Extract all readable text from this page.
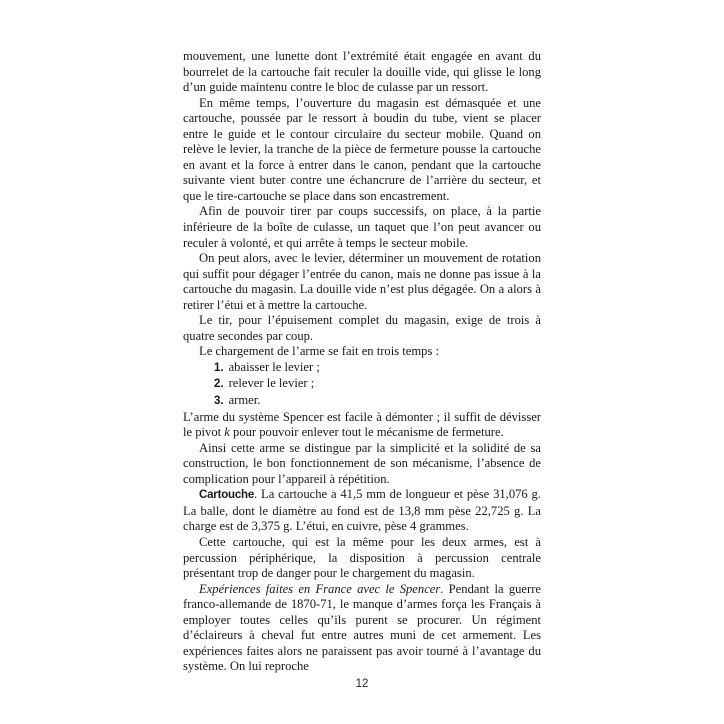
mouvement, une lunette dont l’extrémité était engagée en avant du bourrelet de la cartouche fait reculer la douille vide, qui glisse le long d’un guide maintenu contre le bloc de culasse par un ressort.

En même temps, l’ouverture du magasin est démasquée et une cartouche, poussée par le ressort à boudin du tube, vient se placer entre le guide et le contour circulaire du secteur mobile. Quand on relève le levier, la tranche de la pièce de fermeture pousse la cartouche en avant et la force à entrer dans le canon, pendant que la cartouche suivante vient buter contre une échancrure de l’arrière du secteur, et que le tire-cartouche se place dans son encastrement.

Afin de pouvoir tirer par coups successifs, on place, à la partie inférieure de la boîte de culasse, un taquet que l’on peut avancer ou reculer à volonté, et qui arrête à temps le secteur mobile.

On peut alors, avec le levier, déterminer un mouvement de rotation qui suffit pour dégager l’entrée du canon, mais ne donne pas issue à la cartouche du magasin. La douille vide n’est plus dégagée. On a alors à retirer l’étui et à mettre la cartouche.

Le tir, pour l’épuisement complet du magasin, exige de trois à quatre secondes par coup.

Le chargement de l’arme se fait en trois temps :

1. abaisser le levier ;
2. relever le levier ;
3. armer.

L’arme du système Spencer est facile à démonter ; il suffit de dévisser le pivot k pour pouvoir enlever tout le mécanisme de fermeture.

Ainsi cette arme se distingue par la simplicité et la solidité de sa construction, le bon fonctionnement de son mécanisme, l’absence de complication pour l’appareil à répétition.

Cartouche. La cartouche a 41,5 mm de longueur et pèse 31,076 g. La balle, dont le diamètre au fond est de 13,8 mm pèse 22,725 g. La charge est de 3,375 g. L’étui, en cuivre, pèse 4 grammes.

Cette cartouche, qui est la même pour les deux armes, est à percussion périphérique, la disposition à percussion centrale présentant trop de danger pour le chargement du magasin.

Expériences faites en France avec le Spencer. Pendant la guerre franco-allemande de 1870-71, le manque d’armes força les Français à employer toutes celles qu’ils purent se procurer. Un régiment d’éclaireurs à cheval fut entre autres muni de cet armement. Les expériences faites alors ne paraissent pas avoir tourné à l’avantage du système. On lui reproche

12
